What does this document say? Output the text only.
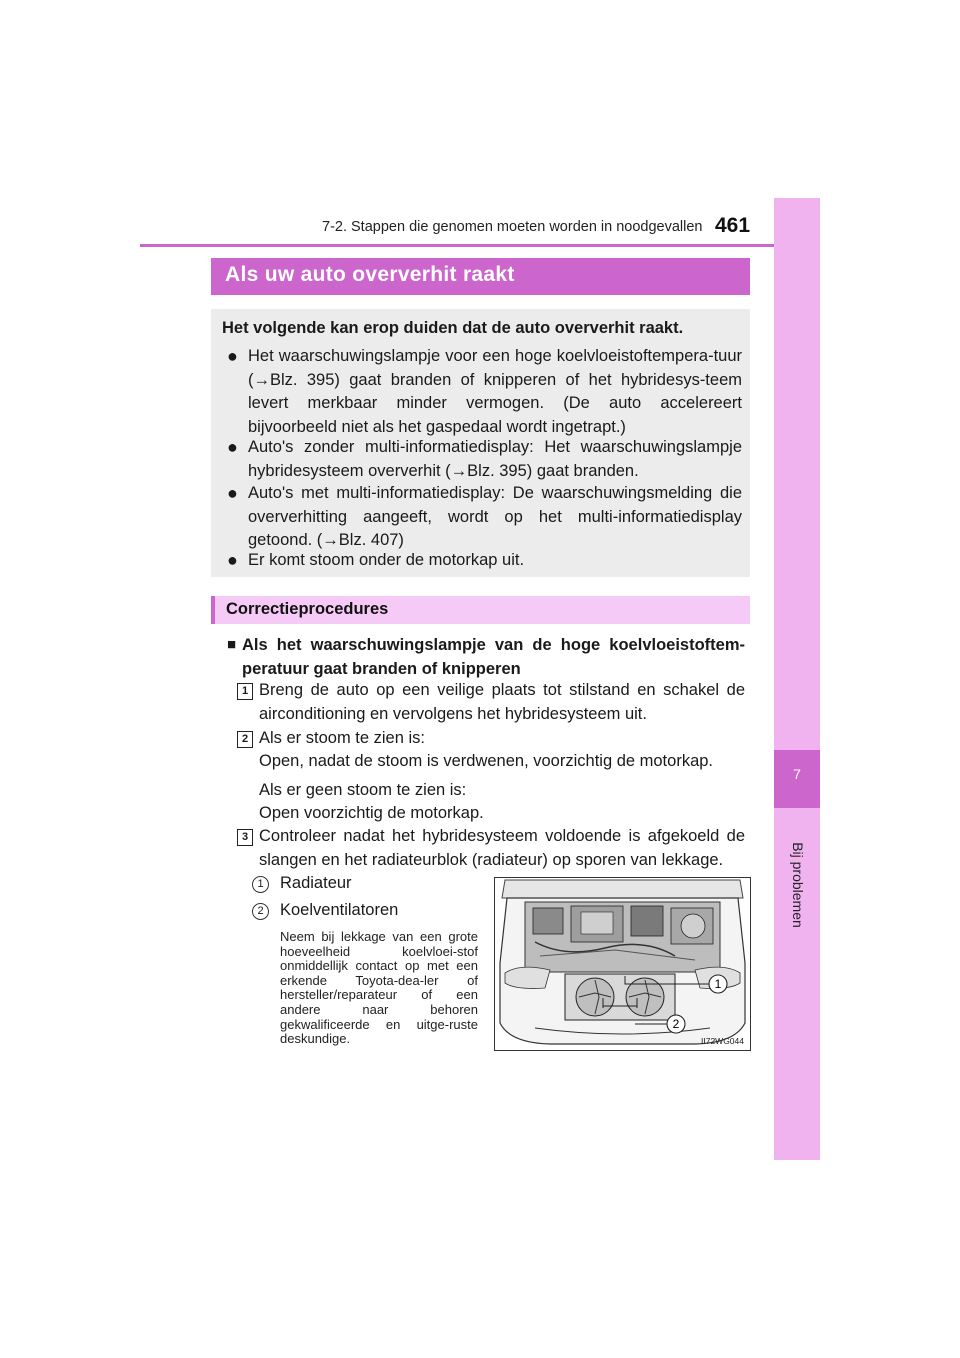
7-2. Stappen die genomen moeten worden in noodgevallen 461
7
Bij problemen
Als uw auto oververhit raakt
Het volgende kan erop duiden dat de auto oververhit raakt.
● Het waarschuwingslampje voor een hoge koelvloeistoftempera-tuur (→Blz. 395) gaat branden of knipperen of het hybridesys-teem levert merkbaar minder vermogen. (De auto accelereert bijvoorbeeld niet als het gaspedaal wordt ingetrapt.)
● Auto's zonder multi-informatiedisplay: Het waarschuwingslampje hybridesysteem oververhit (→Blz. 395) gaat branden.
● Auto's met multi-informatiedisplay: De waarschuwingsmelding die oververhitting aangeeft, wordt op het multi-informatiedisplay getoond. (→Blz. 407)
● Er komt stoom onder de motorkap uit.
Correctieprocedures
■ Als het waarschuwingslampje van de hoge koelvloeistoftem-peratuur gaat branden of knipperen
1 Breng de auto op een veilige plaats tot stilstand en schakel de airconditioning en vervolgens het hybridesysteem uit.
2 Als er stoom te zien is:
Open, nadat de stoom is verdwenen, voorzichtig de motorkap.
Als er geen stoom te zien is:
Open voorzichtig de motorkap.
3 Controleer nadat het hybridesysteem voldoende is afgekoeld de slangen en het radiateurblok (radiateur) op sporen van lekkage.
1 Radiateur
2 Koelventilatoren
Neem bij lekkage van een grote hoeveelheid koelvloei-stof onmiddellijk contact op met een erkende Toyota-dea-ler of hersteller/reparateur of een andere naar behoren gekwalificeerde en uitge-ruste deskundige.
1
2
II72WG044
